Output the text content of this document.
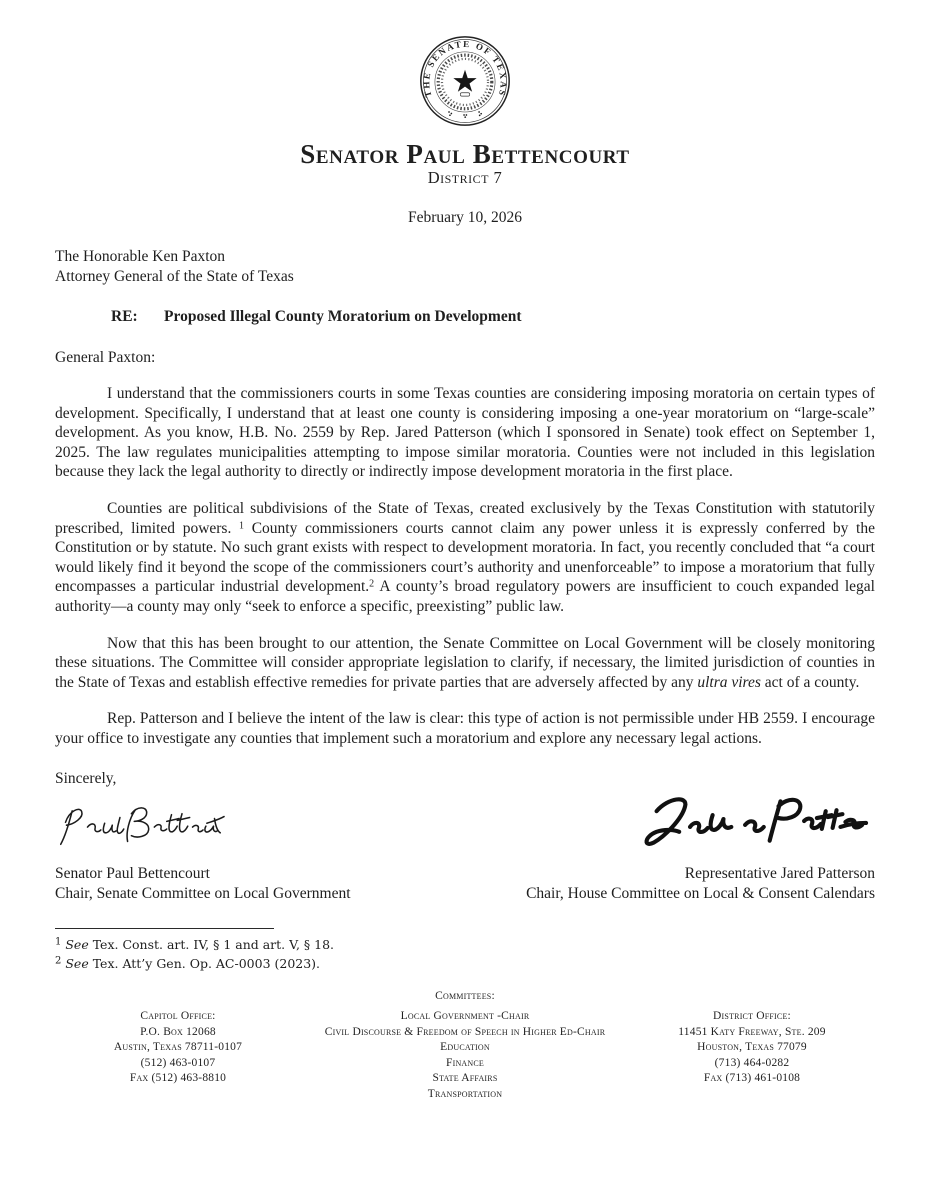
THE SENATE OF TEXAS
Senator Paul Bettencourt
District 7
February 10, 2026
The Honorable Ken Paxton
Attorney General of the State of Texas
RE: Proposed Illegal County Moratorium on Development
General Paxton:

I understand that the commissioners courts in some Texas counties are considering imposing moratoria on certain types of development. Specifically, I understand that at least one county is considering imposing a one-year moratorium on “large-scale” development. As you know, H.B. No. 2559 by Rep. Jared Patterson (which I sponsored in Senate) took effect on September 1, 2025. The law regulates municipalities attempting to impose similar moratoria. Counties were not included in this legislation because they lack the legal authority to directly or indirectly impose development moratoria in the first place.

Counties are political subdivisions of the State of Texas, created exclusively by the Texas Constitution with statutorily prescribed, limited powers. $^1$ County commissioners courts cannot claim any power unless it is expressly conferred by the Constitution or by statute. No such grant exists with respect to development moratoria. In fact, you recently concluded that “a court would likely find it beyond the scope of the commissioners court’s authority and unenforceable” to impose a moratorium that fully encompasses a particular industrial development.$^2$ A county’s broad regulatory powers are insufficient to couch expanded legal authority—a county may only “seek to enforce a specific, preexisting” public law.

Now that this has been brought to our attention, the Senate Committee on Local Government will be closely monitoring these situations. The Committee will consider appropriate legislation to clarify, if necessary, the limited jurisdiction of counties in the State of Texas and establish effective remedies for private parties that are adversely affected by any ultra vires act of a county.

Rep. Patterson and I believe the intent of the law is clear: this type of action is not permissible under HB 2559. I encourage your office to investigate any counties that implement such a moratorium and explore any necessary legal actions.

Sincerely,
Senator Paul Bettencourt
Chair, Senate Committee on Local Government
Representative Jared Patterson
Chair, House Committee on Local & Consent Calendars
$^1$ See Tex. Const. art. IV, § 1 and art. V, § 18.
$^2$ See Tex. Att’y Gen. Op. AC-0003 (2023).
Committees:
Capitol Office:
P.O. Box 12068
Austin, Texas 78711-0107
(512) 463-0107
Fax (512) 463-8810
Local Government -Chair
Civil Discourse & Freedom of Speech in Higher Ed-Chair
Education
Finance
State Affairs
Transportation
District Office:
11451 Katy Freeway, Ste. 209
Houston, Texas 77079
(713) 464-0282
Fax (713) 461-0108
